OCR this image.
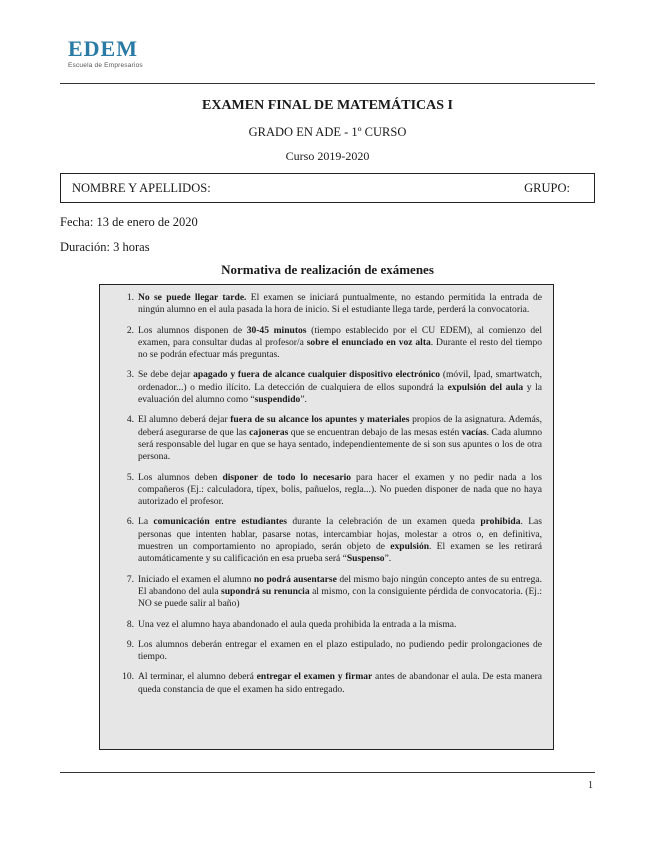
EDEM
Escuela de Empresarios
EXAMEN FINAL DE MATEMÁTICAS I
GRADO EN ADE - 1º CURSO
Curso 2019-2020
NOMBRE Y APELLIDOS:	GRUPO:
Fecha: 13 de enero de 2020
Duración: 3 horas
Normativa de realización de exámenes
1. No se puede llegar tarde. El examen se iniciará puntualmente, no estando permitida la entrada de ningún alumno en el aula pasada la hora de inicio. Si el estudiante llega tarde, perderá la convocatoria.
2. Los alumnos disponen de 30-45 minutos (tiempo establecido por el CU EDEM), al comienzo del examen, para consultar dudas al profesor/a sobre el enunciado en voz alta. Durante el resto del tiempo no se podrán efectuar más preguntas.
3. Se debe dejar apagado y fuera de alcance cualquier dispositivo electrónico (móvil, Ipad, smartwatch, ordenador...) o medio ilícito. La detección de cualquiera de ellos supondrá la expulsión del aula y la evaluación del alumno como “suspendido”.
4. El alumno deberá dejar fuera de su alcance los apuntes y materiales propios de la asignatura. Además, deberá asegurarse de que las cajoneras que se encuentran debajo de las mesas estén vacías. Cada alumno será responsable del lugar en que se haya sentado, independientemente de si son sus apuntes o los de otra persona.
5. Los alumnos deben disponer de todo lo necesario para hacer el examen y no pedir nada a los compañeros (Ej.: calculadora, típex, bolis, pañuelos, regla...). No pueden disponer de nada que no haya autorizado el profesor.
6. La comunicación entre estudiantes durante la celebración de un examen queda prohibida. Las personas que intenten hablar, pasarse notas, intercambiar hojas, molestar a otros o, en definitiva, muestren un comportamiento no apropiado, serán objeto de expulsión. El examen se les retirará automáticamente y su calificación en esa prueba será “Suspenso”.
7. Iniciado el examen el alumno no podrá ausentarse del mismo bajo ningún concepto antes de su entrega. El abandono del aula supondrá su renuncia al mismo, con la consiguiente pérdida de convocatoria. (Ej.: NO se puede salir al baño)
8. Una vez el alumno haya abandonado el aula queda prohibida la entrada a la misma.
9. Los alumnos deberán entregar el examen en el plazo estipulado, no pudiendo pedir prolongaciones de tiempo.
10. Al terminar, el alumno deberá entregar el examen y firmar antes de abandonar el aula. De esta manera queda constancia de que el examen ha sido entregado.
1
